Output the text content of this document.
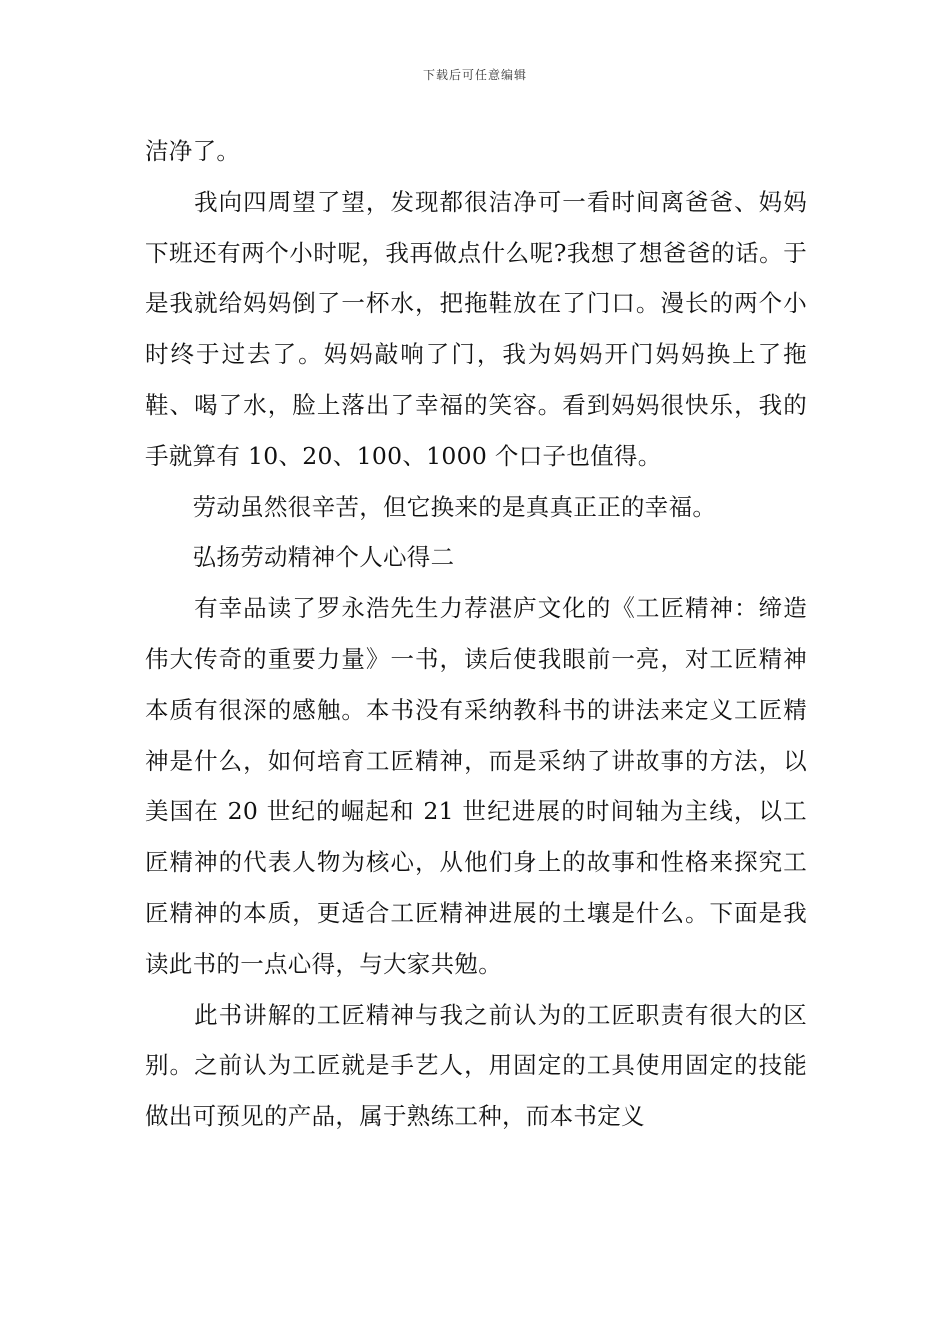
下载后可任意编辑

洁净了。

　　我向四周望了望，发现都很洁净可一看时间离爸爸、妈妈下班还有两个小时呢，我再做点什么呢?我想了想爸爸的话。于是我就给妈妈倒了一杯水，把拖鞋放在了门口。漫长的两个小时终于过去了。妈妈敲响了门，我为妈妈开门妈妈换上了拖鞋、喝了水，脸上落出了幸福的笑容。看到妈妈很快乐，我的手就算有 10、20、100、1000 个口子也值得。

　　劳动虽然很辛苦，但它换来的是真真正正的幸福。

　　弘扬劳动精神个人心得二

　　有幸品读了罗永浩先生力荐湛庐文化的《工匠精神：缔造伟大传奇的重要力量》一书，读后使我眼前一亮，对工匠精神本质有很深的感触。本书没有采纳教科书的讲法来定义工匠精神是什么，如何培育工匠精神，而是采纳了讲故事的方法，以美国在 20 世纪的崛起和 21 世纪进展的时间轴为主线，以工匠精神的代表人物为核心，从他们身上的故事和性格来探究工匠精神的本质，更适合工匠精神进展的土壤是什么。下面是我读此书的一点心得，与大家共勉。

　　此书讲解的工匠精神与我之前认为的工匠职责有很大的区别。之前认为工匠就是手艺人，用固定的工具使用固定的技能做出可预见的产品，属于熟练工种，而本书定义
